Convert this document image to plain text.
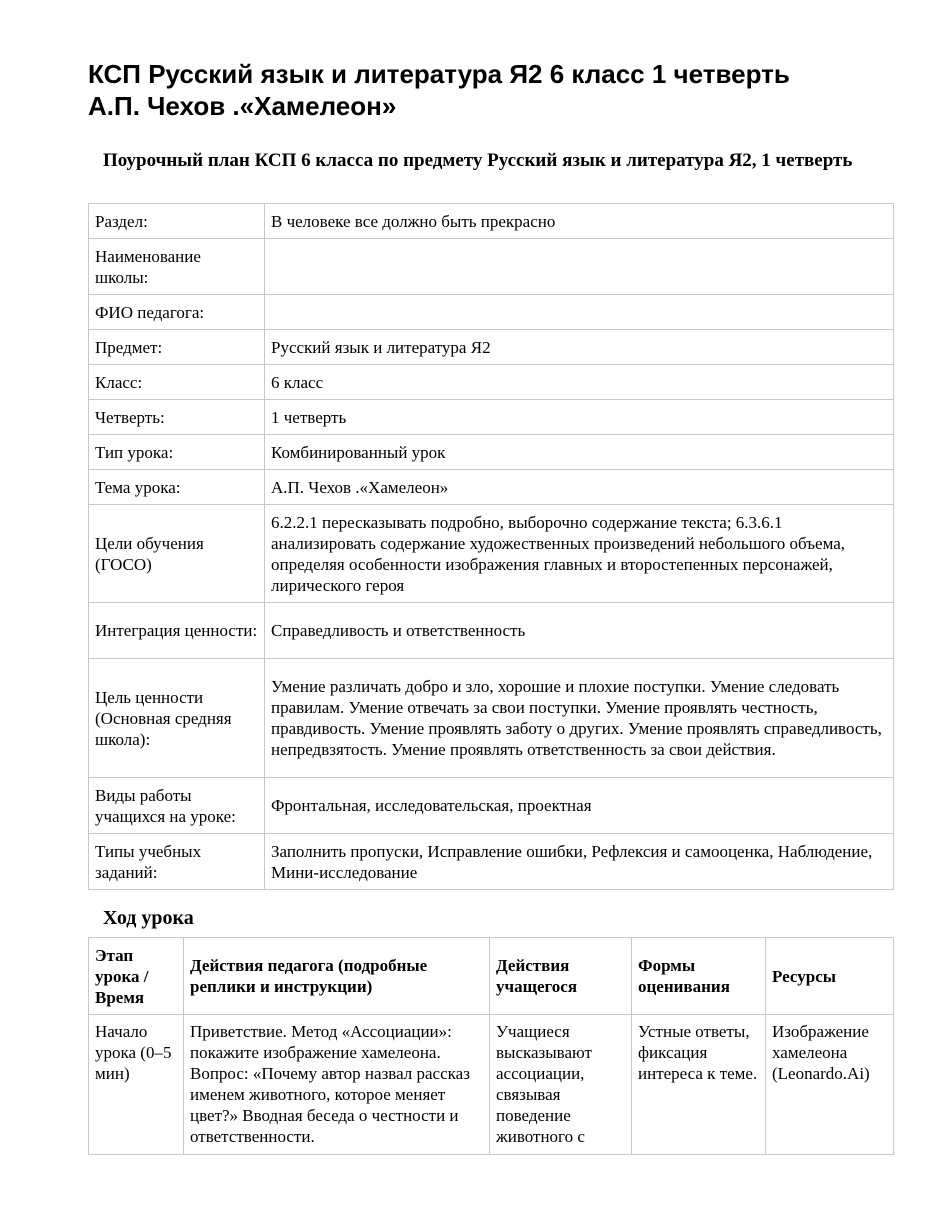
КСП Русский язык и литература Я2 6 класс 1 четверть
А.П. Чехов .«Хамелеон»
Поурочный план КСП 6 класса по предмету Русский язык и литература Я2, 1 четверть
Раздел:	В человеке все должно быть прекрасно
Наименование школы:	
ФИО педагога:	
Предмет:	Русский язык и литература Я2
Класс:	6 класс
Четверть:	1 четверть
Тип урока:	Комбинированный урок
Тема урока:	А.П. Чехов .«Хамелеон»
Цели обучения (ГОСО)	6.2.2.1 пересказывать подробно, выборочно содержание текста; 6.3.6.1 анализировать содержание художественных произведений небольшого объема, определяя особенности изображения главных и второстепенных персонажей, лирического героя
Интеграция ценности:	Справедливость и ответственность
Цель ценности (Основная средняя школа):	Умение различать добро и зло, хорошие и плохие поступки. Умение следовать правилам. Умение отвечать за свои поступки. Умение проявлять честность, правдивость. Умение проявлять заботу о других. Умение проявлять справедливость, непредвзятость. Умение проявлять ответственность за свои действия.
Виды работы учащихся на уроке:	Фронтальная, исследовательская, проектная
Типы учебных заданий:	Заполнить пропуски, Исправление ошибки, Рефлексия и самооценка, Наблюдение, Мини-исследование
Ход урока
Этап урока / Время	Действия педагога (подробные реплики и инструкции)	Действия учащегося	Формы оценивания	Ресурсы
Начало урока (0–5 мин)	Приветствие. Метод «Ассоциации»: покажите изображение хамелеона. Вопрос: «Почему автор назвал рассказ именем животного, которое меняет цвет?» Вводная беседа о честности и ответственности.	Учащиеся высказывают ассоциации, связывая поведение животного с	Устные ответы, фиксация интереса к теме.	Изображение хамелеона (Leonardo.Ai)
